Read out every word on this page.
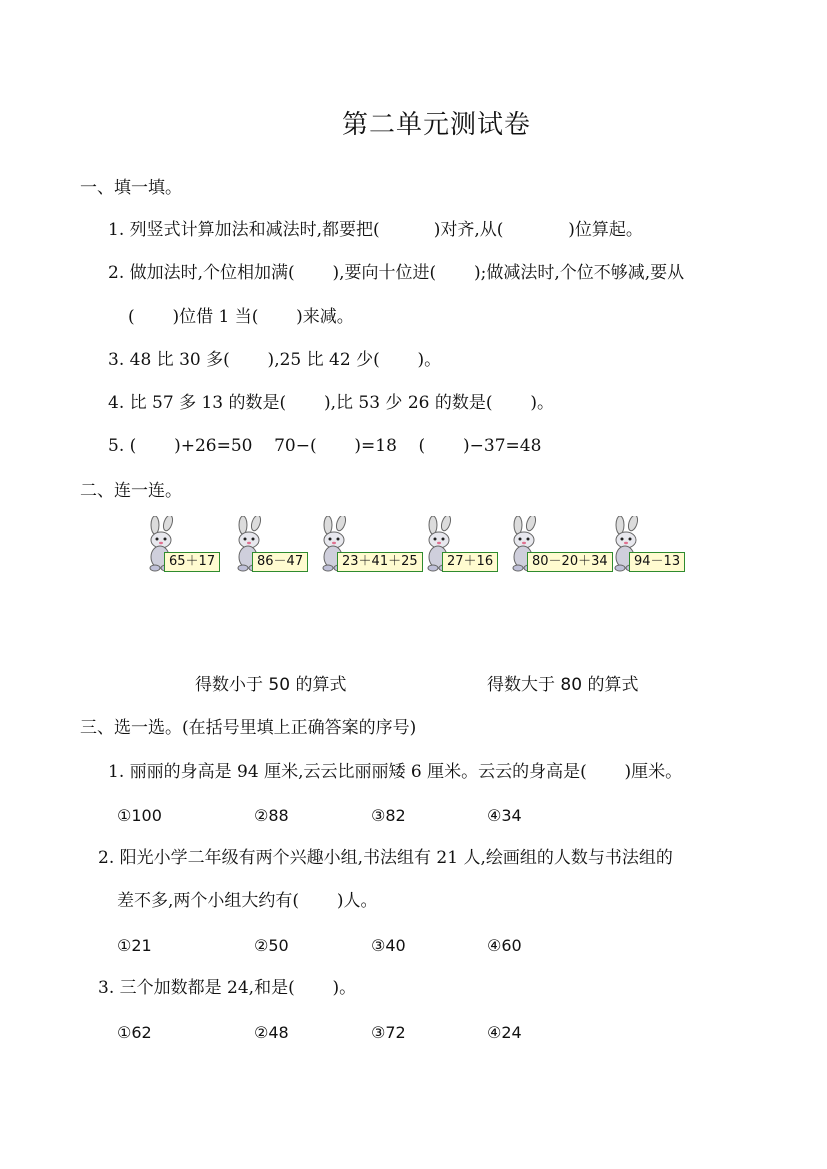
第二单元测试卷
一、填一填。
1. 列竖式计算加法和减法时,都要把(          )对齐,从(            )位算起。
2. 做加法时,个位相加满(       ),要向十位进(       );做减法时,个位不够减,要从
(       )位借 1 当(       )来减。
3. 48 比 30 多(       ),25 比 42 少(       )。
4. 比 57 多 13 的数是(       ),比 53 少 26 的数是(       )。
5. (       )+26=50    70−(       )=18    (       )−37=48
二、连一连。
65＋17	86－47	23＋41＋25	27＋16	80－20＋34	94－13
得数小于 50 的算式	得数大于 80 的算式
三、选一选。(在括号里填上正确答案的序号)
1. 丽丽的身高是 94 厘米,云云比丽丽矮 6 厘米。云云的身高是(       )厘米。
①100	②88	③82	④34
2. 阳光小学二年级有两个兴趣小组,书法组有 21 人,绘画组的人数与书法组的
差不多,两个小组大约有(       )人。
①21	②50	③40	④60
3. 三个加数都是 24,和是(       )。
①62	②48	③72	④24
